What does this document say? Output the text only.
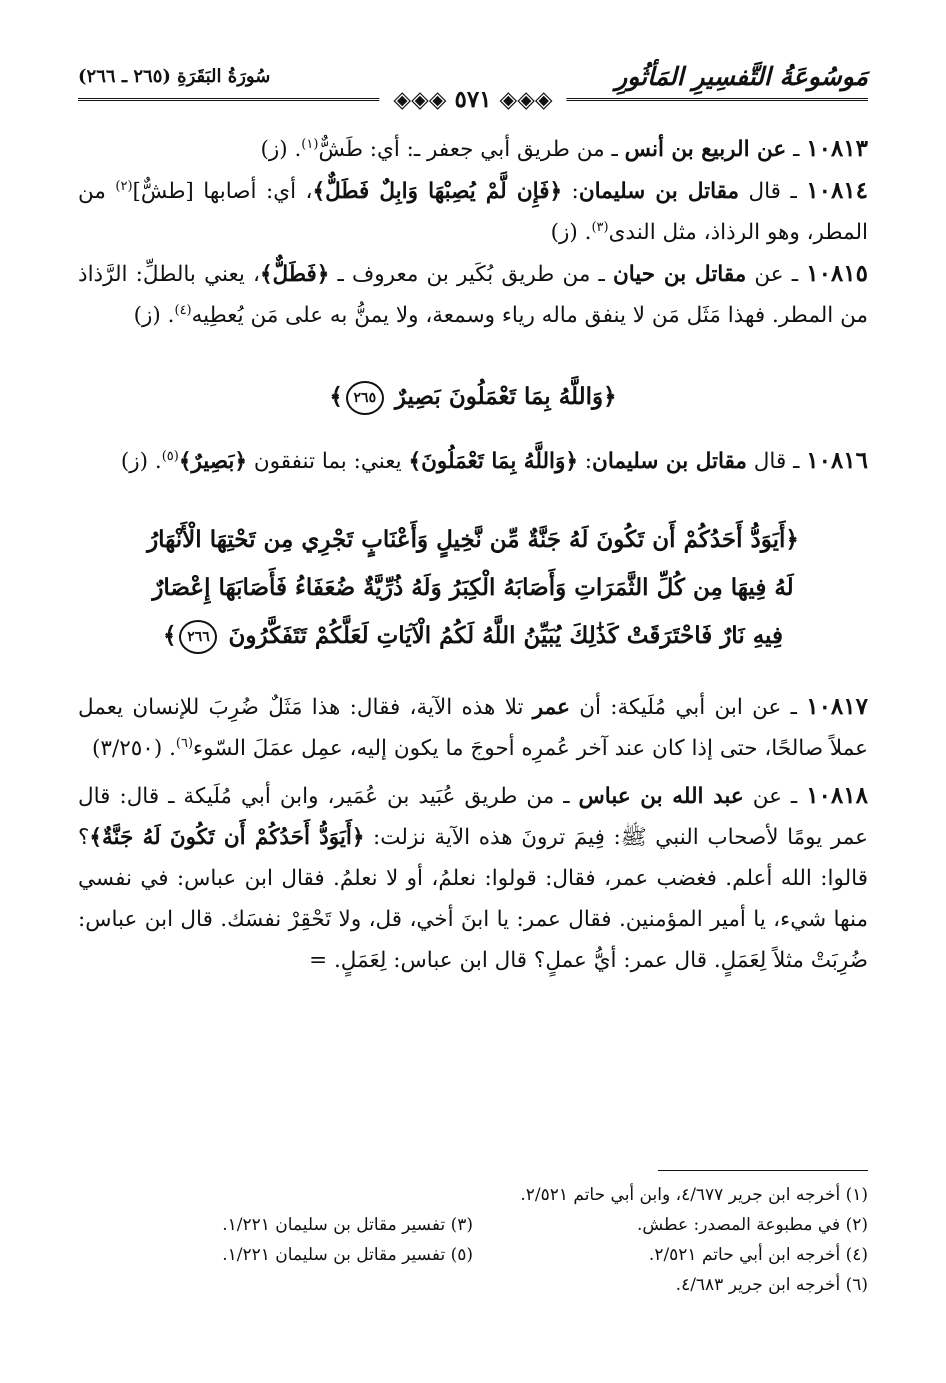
مَوسُوعَةُ التَّفسِيرِ المَأثُورِ
سُورَةُ البَقَرَةِ (٢٦٥ ـ ٢٦٦)
◈◈◈ ٥٧١ ◈◈◈

١٠٨١٣ ـ عن الربيع بن أنس ـ من طريق أبي جعفر ـ: أي: طَشٌّ$^{(١)}$. (ز)

١٠٨١٤ ـ قال مقاتل بن سليمان: ﴿فَإِن لَّمْ يُصِبْهَا وَابِلٌ فَطَلٌّ﴾، أي: أصابها [طشٌّ]$^{(٢)}$ من المطر، وهو الرذاذ، مثل الندى$^{(٣)}$. (ز)

١٠٨١٥ ـ عن مقاتل بن حيان ـ من طريق بُكَير بن معروف ـ ﴿فَطَلٌّ﴾، يعني بالطلِّ: الرَّذاذ من المطر. فهذا مَثَل مَن لا ينفق ماله رياء وسمعة، ولا يمنُّ به على مَن يُعطِيه$^{(٤)}$. (ز)

﴿وَاللَّهُ بِمَا تَعْمَلُونَ بَصِيرٌ ٢٦٥﴾

١٠٨١٦ ـ قال مقاتل بن سليمان: ﴿وَاللَّهُ بِمَا تَعْمَلُونَ﴾ يعني: بما تنفقون ﴿بَصِيرٌ﴾$^{(٥)}$. (ز)

﴿أَيَوَدُّ أَحَدُكُمْ أَن تَكُونَ لَهُ جَنَّةٌ مِّن نَّخِيلٍ وَأَعْنَابٍ تَجْرِي مِن تَحْتِهَا الْأَنْهَارُ
لَهُ فِيهَا مِن كُلِّ الثَّمَرَاتِ وَأَصَابَهُ الْكِبَرُ وَلَهُ ذُرِّيَّةٌ ضُعَفَاءُ فَأَصَابَهَا إِعْصَارٌ
فِيهِ نَارٌ فَاحْتَرَقَتْ كَذَٰلِكَ يُبَيِّنُ اللَّهُ لَكُمُ الْآيَاتِ لَعَلَّكُمْ تَتَفَكَّرُونَ ٢٦٦﴾

١٠٨١٧ ـ عن ابن أبي مُلَيكة: أن عمر تلا هذه الآية، فقال: هذا مَثَلٌ ضُرِبَ للإنسان يعمل عملاً صالحًا، حتى إذا كان عند آخر عُمرِه أحوجَ ما يكون إليه، عمِل عمَلَ السّوء$^{(٦)}$. (٣/٢٥٠)

١٠٨١٨ ـ عن عبد الله بن عباس ـ من طريق عُبَيد بن عُمَير، وابن أبي مُلَيكة ـ قال: قال عمر يومًا لأصحاب النبي ﷺ: فِيمَ ترونَ هذه الآية نزلت: ﴿أَيَوَدُّ أَحَدُكُمْ أَن تَكُونَ لَهُ جَنَّةٌ﴾؟ قالوا: الله أعلم. فغضب عمر، فقال: قولوا: نعلمُ، أو لا نعلمُ. فقال ابن عباس: في نفسي منها شيء، يا أمير المؤمنين. فقال عمر: يا ابنَ أخي، قل، ولا تَحْقِرْ نفسَك. قال ابن عباس: ضُرِبَتْ مثلاً لِعَمَلٍ. قال عمر: أيُّ عملٍ؟ قال ابن عباس: لِعَمَلٍ. =

(١) أخرجه ابن جرير ٤/٦٧٧، وابن أبي حاتم ٢/٥٢١.
(٢) في مطبوعة المصدر: عطش.
(٣) تفسير مقاتل بن سليمان ١/٢٢١.
(٤) أخرجه ابن أبي حاتم ٢/٥٢١.
(٥) تفسير مقاتل بن سليمان ١/٢٢١.
(٦) أخرجه ابن جرير ٤/٦٨٣.
